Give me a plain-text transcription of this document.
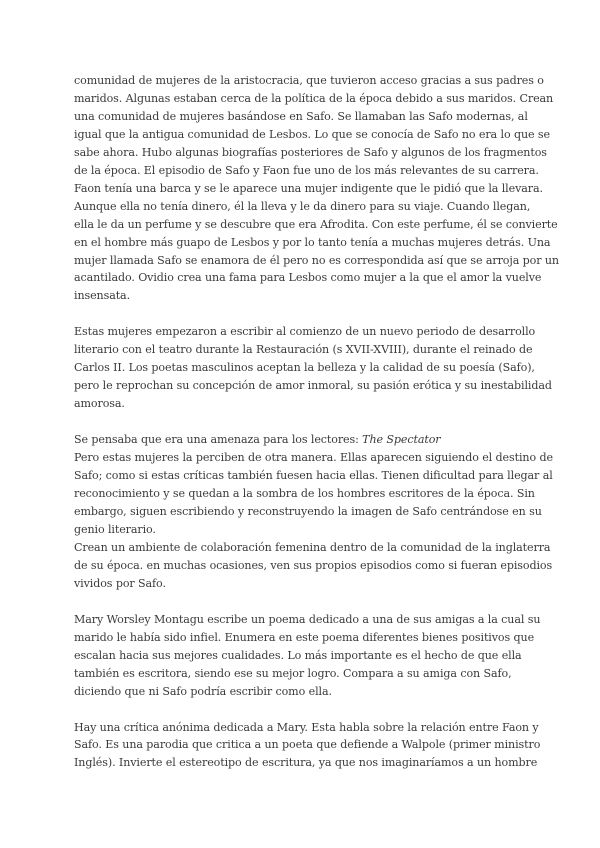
comunidad de mujeres de la aristocracia, que tuvieron acceso gracias a sus padres o
maridos. Algunas estaban cerca de la política de la época debido a sus maridos. Crean
una comunidad de mujeres basándose en Safo. Se llamaban las Safo modernas, al
igual que la antigua comunidad de Lesbos. Lo que se conocía de Safo no era lo que se
sabe ahora. Hubo algunas biografías posteriores de Safo y algunos de los fragmentos
de la época. El episodio de Safo y Faon fue uno de los más relevantes de su carrera.
Faon tenía una barca y se le aparece una mujer indigente que le pidió que la llevara.
Aunque ella no tenía dinero, él la lleva y le da dinero para su viaje. Cuando llegan,
ella le da un perfume y se descubre que era Afrodita. Con este perfume, él se convierte
en el hombre más guapo de Lesbos y por lo tanto tenía a muchas mujeres detrás. Una
mujer llamada Safo se enamora de él pero no es correspondida así que se arroja por un
acantilado. Ovidio crea una fama para Lesbos como mujer a la que el amor la vuelve
insensata.

Estas mujeres empezaron a escribir al comienzo de un nuevo periodo de desarrollo
literario con el teatro durante la Restauración (s XVII-XVIII), durante el reinado de
Carlos II. Los poetas masculinos aceptan la belleza y la calidad de su poesía (Safo),
pero le reprochan su concepción de amor inmoral, su pasión erótica y su inestabilidad
amorosa.

Se pensaba que era una amenaza para los lectores: The Spectator
Pero estas mujeres la perciben de otra manera. Ellas aparecen siguiendo el destino de
Safo; como si estas críticas también fuesen hacia ellas. Tienen dificultad para llegar al
reconocimiento y se quedan a la sombra de los hombres escritores de la época. Sin
embargo, siguen escribiendo y reconstruyendo la imagen de Safo centrándose en su
genio literario.
Crean un ambiente de colaboración femenina dentro de la comunidad de la inglaterra
de su época. en muchas ocasiones, ven sus propios episodios como si fueran episodios
vividos por Safo.

Mary Worsley Montagu escribe un poema dedicado a una de sus amigas a la cual su
marido le había sido infiel. Enumera en este poema diferentes bienes positivos que
escalan hacia sus mejores cualidades. Lo más importante es el hecho de que ella
también es escritora, siendo ese su mejor logro. Compara a su amiga con Safo,
diciendo que ni Safo podría escribir como ella.

Hay una crítica anónima dedicada a Mary. Esta habla sobre la relación entre Faon y
Safo. Es una parodia que critica a un poeta que defiende a Walpole (primer ministro
Inglés). Invierte el estereotipo de escritura, ya que nos imaginaríamos a un hombre
